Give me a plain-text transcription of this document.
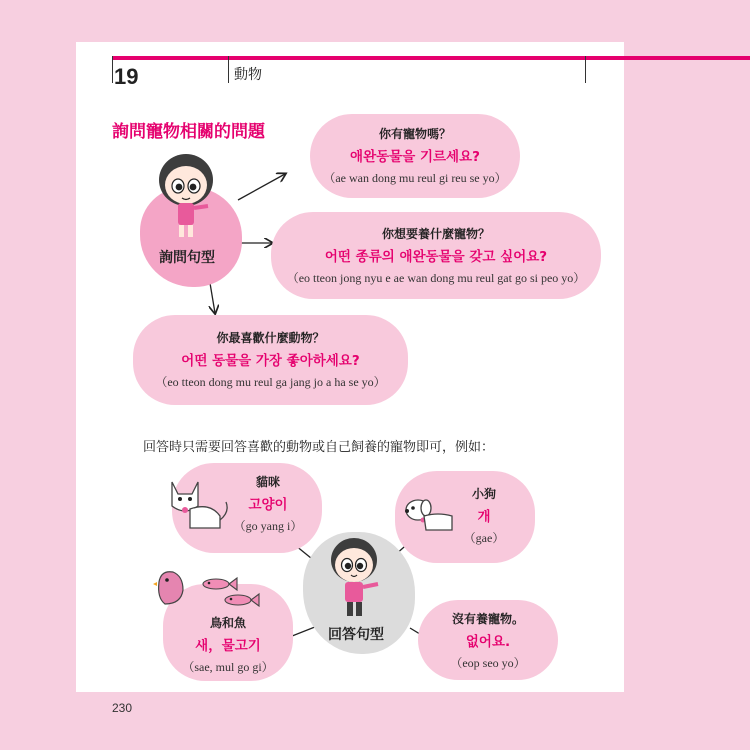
19	動物
詢問寵物相關的問題
詢問句型
你有寵物嗎？
애완동물을 기르세요?
（ae wan dong mu reul gi reu se yo）
你想要養什麼寵物？
어떤 종류의 애완동물을 갖고 싶어요?
（eo tteon jong nyu e ae wan dong mu reul gat go si peo yo）
你最喜歡什麼動物？
어떤 동물을 가장 좋아하세요?
（eo tteon dong mu reul ga jang jo a ha se yo）
回答時只需要回答喜歡的動物或自己飼養的寵物即可，例如：
回答句型
貓咪
고양이
（go yang i）
小狗
개
（gae）
鳥和魚
새，물고기
（sae, mul go gi）
沒有養寵物。
없어요.
（eop seo yo）
230
